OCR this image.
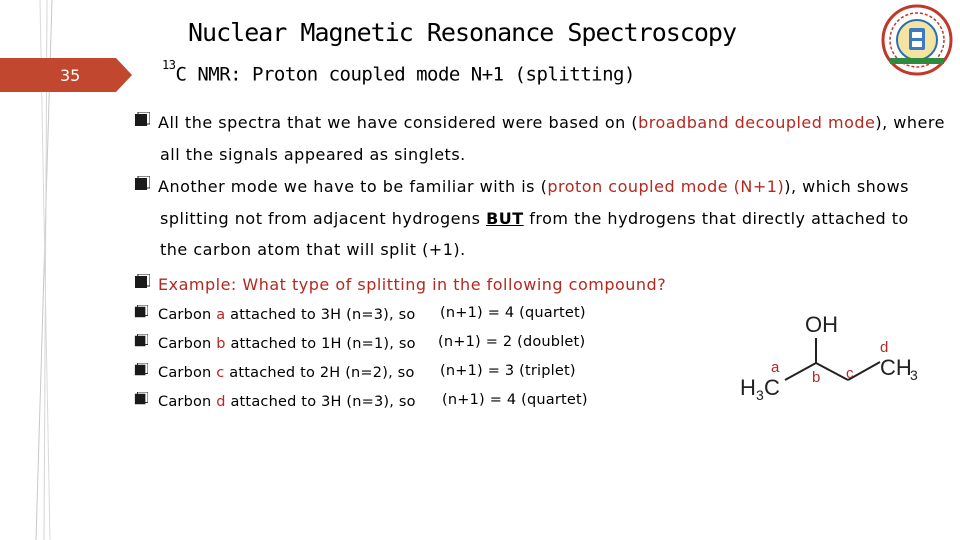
35
Nuclear Magnetic Resonance Spectroscopy
$^{13}$C NMR: Proton coupled mode N+1 (splitting)
All the spectra that we have considered were based on (broadband decoupled mode), where
all the signals appeared as singlets.
Another mode we have to be familiar with is (proton coupled mode (N+1)), which shows
splitting not from adjacent hydrogens BUT from the hydrogens that directly attached to
the carbon atom that will split (+1).
Example: What type of splitting in the following compound?
Carbon a attached to 3H (n=3), so (n+1) = 4 (quartet)
Carbon b attached to 1H (n=1), so (n+1) = 2 (doublet)
Carbon c attached to 2H (n=2), so (n+1) = 3 (triplet)
Carbon d attached to 3H (n=3), so (n+1) = 4 (quartet)
OH
H 3 C
CH
3
a
b c
d
